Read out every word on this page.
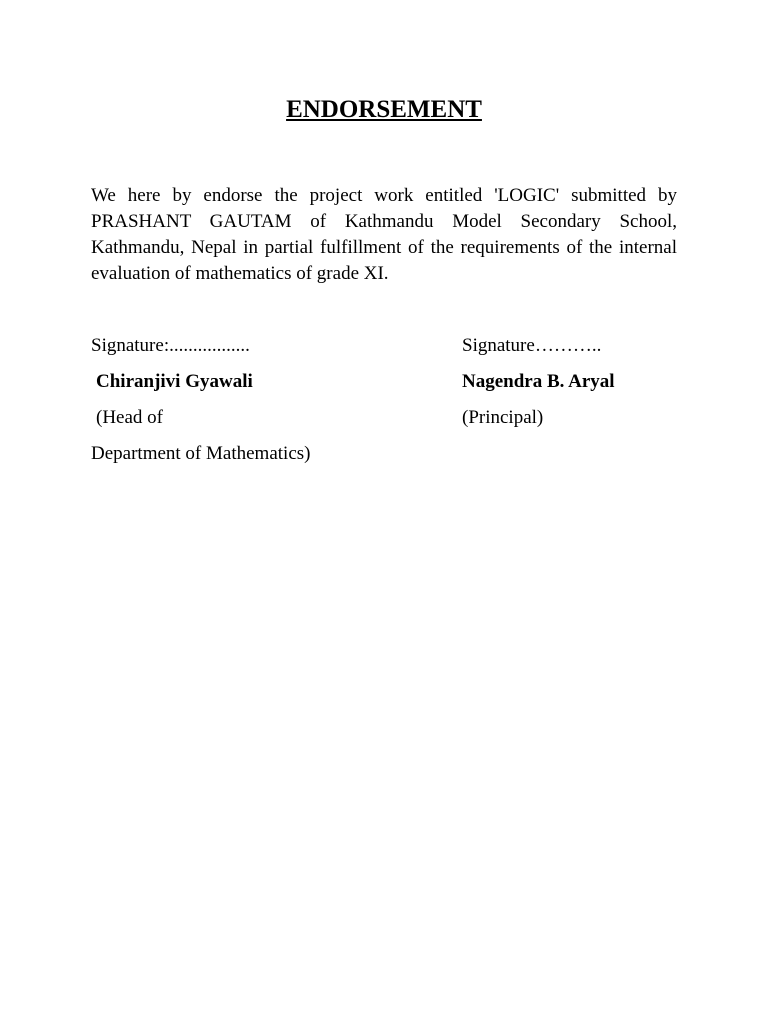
ENDORSEMENT

We here by endorse the project work entitled 'LOGIC' submitted by PRASHANT GAUTAM of Kathmandu Model Secondary School, Kathmandu, Nepal in partial fulfillment of the requirements of the internal evaluation of mathematics of grade XI.

Signature:.................
Chiranjivi Gyawali
(Head of
Department of Mathematics)
Signature………..
Nagendra B. Aryal
(Principal)
